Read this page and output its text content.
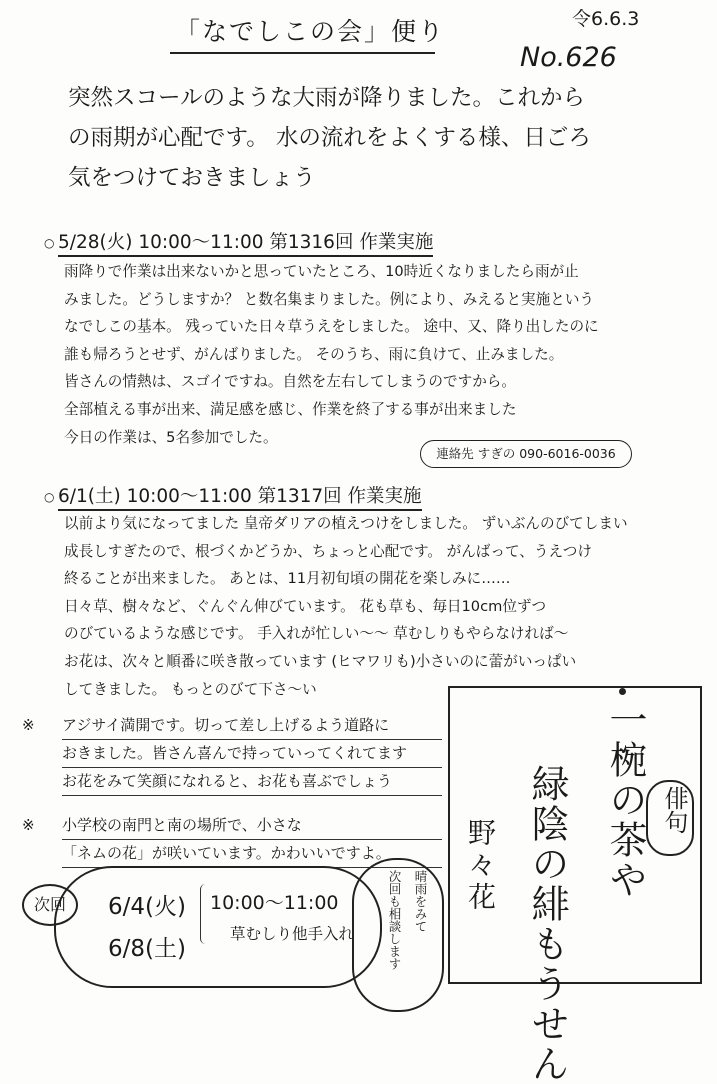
「なでしこの会」便り	令6.6.3
No.626
突然スコールのような大雨が降りました。これから
の雨期が心配です。 水の流れをよくする様、日ごろ
気をつけておきましょう
○ 5/28(火) 10:00〜11:00 第1316回 作業実施
雨降りで作業は出来ないかと思っていたところ、10時近くなりましたら雨が止
みました。どうしますか？ と数名集まりました。例により、みえると実施という
なでしこの基本。 残っていた日々草うえをしました。 途中、又、降り出したのに
誰も帰ろうとせず、がんばりました。 そのうち、雨に負けて、止みました。
皆さんの情熱は、スゴイですね。自然を左右してしまうのですから。
全部植える事が出来、満足感を感じ、作業を終了する事が出来ました
今日の作業は、5名参加でした。
連絡先 すぎの 090-6016-0036
○ 6/1(土) 10:00〜11:00 第1317回 作業実施
以前より気になってました 皇帝ダリアの植えつけをしました。 ずいぶんのびてしまい
成長しすぎたので、根づくかどうか、ちょっと心配です。 がんばって、うえつけ
終ることが出来ました。 あとは、11月初旬頃の開花を楽しみに……
日々草、樹々など、ぐんぐん伸びています。 花も草も、毎日10cm位ずつ
のびているような感じです。 手入れが忙しい〜〜 草むしりもやらなければ〜
お花は、次々と順番に咲き散っています (ヒマワリも)小さいのに蕾がいっぱい
してきました。 もっとのびて下さ〜い
※ アジサイ満開です。切って差し上げるよう道路に
おきました。皆さん喜んで持っていってくれてます
お花をみて笑顔になれると、お花も喜ぶでしょう
※ 小学校の南門と南の場所で、小さな
「ネムの花」が咲いています。かわいいですよ。
次回	6/4(火)
6/8(土)
10:00〜11:00
草むしり他手入れ
晴雨をみて
次回も相談します
俳句
一椀の茶や
緑陰の緋もうせん
野々花
